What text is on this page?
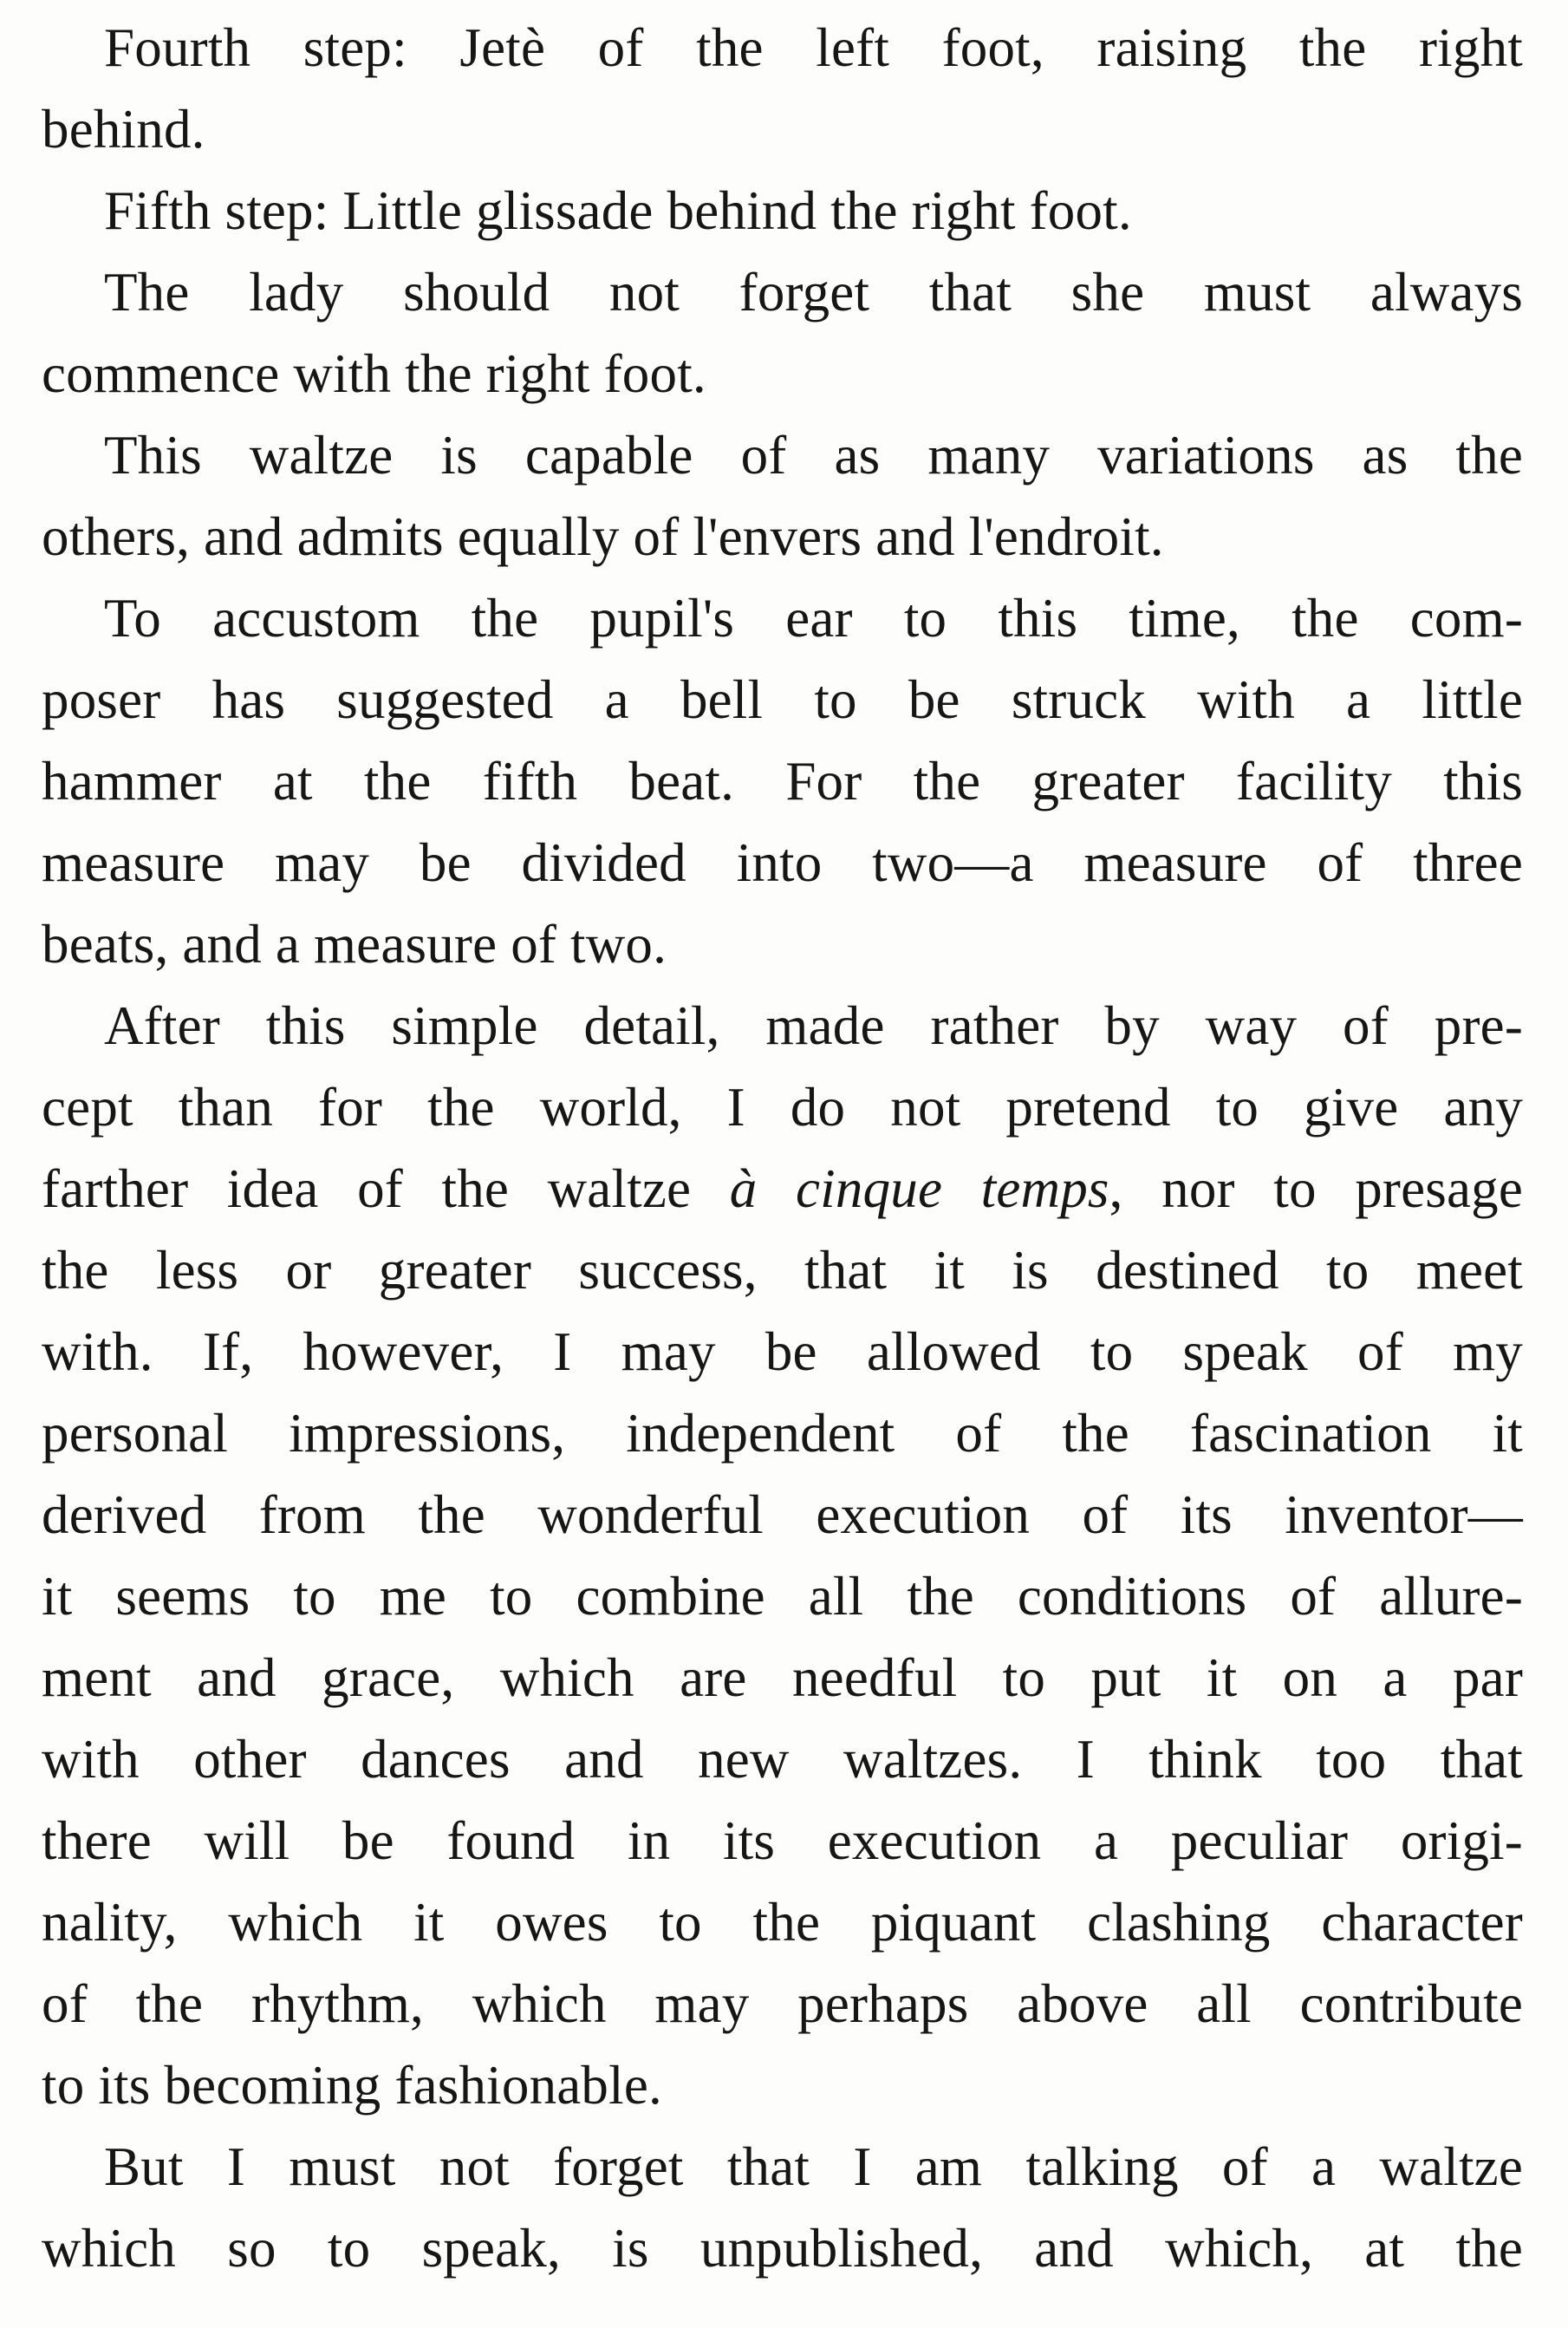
Fourth step: Jetè of the left foot, raising the right
behind.

Fifth step: Little glissade behind the right foot.

The lady should not forget that she must always
commence with the right foot.

This waltze is capable of as many variations as the
others, and admits equally of l'envers and l'endroit.

To accustom the pupil's ear to this time, the com-
poser has suggested a bell to be struck with a little
hammer at the fifth beat. For the greater facility this
measure may be divided into two—a measure of three
beats, and a measure of two.

After this simple detail, made rather by way of pre-
cept than for the world, I do not pretend to give any
farther idea of the waltze à cinque temps, nor to presage
the less or greater success, that it is destined to meet
with. If, however, I may be allowed to speak of my
personal impressions, independent of the fascination it
derived from the wonderful execution of its inventor—
it seems to me to combine all the conditions of allure-
ment and grace, which are needful to put it on a par
with other dances and new waltzes. I think too that
there will be found in its execution a peculiar origi-
nality, which it owes to the piquant clashing character
of the rhythm, which may perhaps above all contribute
to its becoming fashionable.

But I must not forget that I am talking of a waltze
which so to speak, is unpublished, and which, at the
